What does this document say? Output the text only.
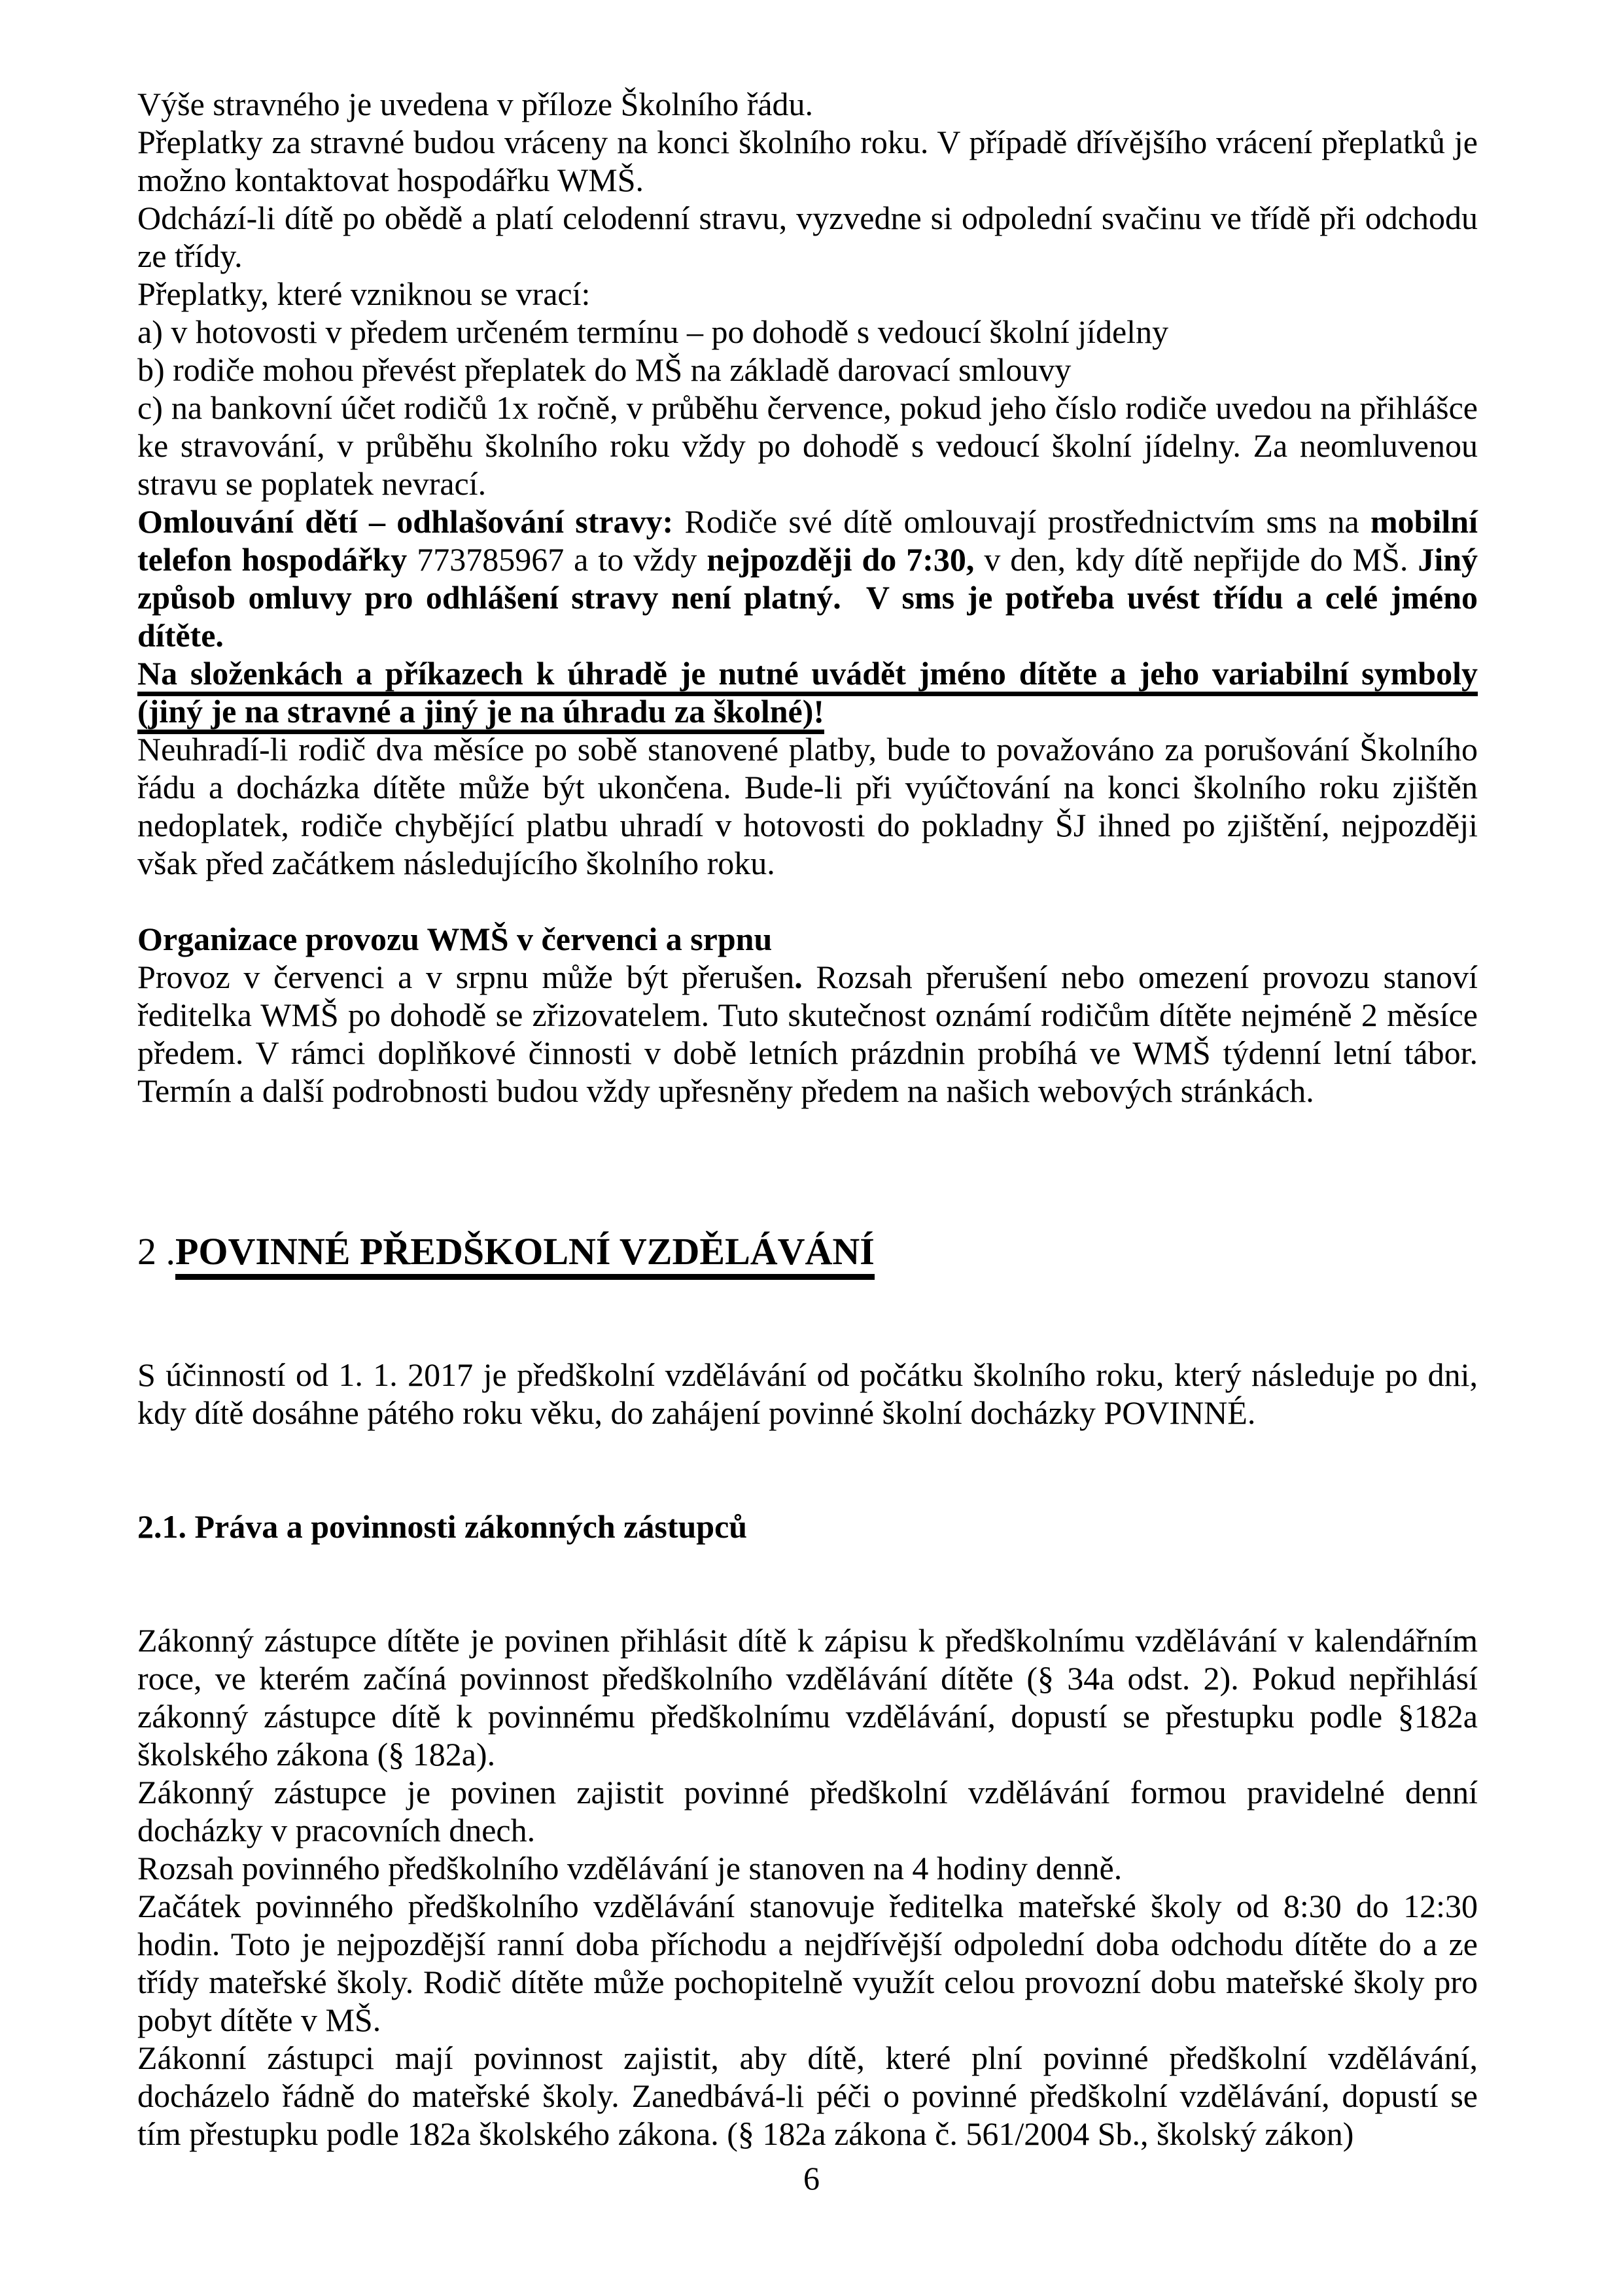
Výše stravného je uvedena v příloze Školního řádu.
Přeplatky za stravné budou vráceny na konci školního roku. V případě dřívějšího vrácení přeplatků je možno kontaktovat hospodářku WMŠ.
Odchází-li dítě po obědě a platí celodenní stravu, vyzvedne si odpolední svačinu ve třídě při odchodu ze třídy.
Přeplatky, které vzniknou se vrací:
a) v hotovosti v předem určeném termínu – po dohodě s vedoucí školní jídelny
b) rodiče mohou převést přeplatek do MŠ na základě darovací smlouvy
c) na bankovní účet rodičů 1x ročně, v průběhu července, pokud jeho číslo rodiče uvedou na přihlášce ke stravování, v průběhu školního roku vždy po dohodě s vedoucí školní jídelny. Za neomluvenou stravu se poplatek nevrací.
Omlouvání dětí – odhlašování stravy: Rodiče své dítě omlouvají prostřednictvím sms na mobilní telefon hospodářky 773785967 a to vždy nejpozději do 7:30, v den, kdy dítě nepřijde do MŠ. Jiný způsob omluvy pro odhlášení stravy není platný.  V sms je potřeba uvést třídu a celé jméno dítěte.
Na složenkách a příkazech k úhradě je nutné uvádět jméno dítěte a jeho variabilní symboly (jiný je na stravné a jiný je na úhradu za školné)!
Neuhradí-li rodič dva měsíce po sobě stanovené platby, bude to považováno za porušování Školního řádu a docházka dítěte může být ukončena. Bude-li při vyúčtování na konci školního roku zjištěn nedoplatek, rodiče chybějící platbu uhradí v hotovosti do pokladny ŠJ ihned po zjištění, nejpozději však před začátkem následujícího školního roku.
Organizace provozu WMŠ v červenci a srpnu
Provoz v červenci a v srpnu může být přerušen. Rozsah přerušení nebo omezení provozu stanoví ředitelka WMŠ po dohodě se zřizovatelem. Tuto skutečnost oznámí rodičům dítěte nejméně 2 měsíce předem. V rámci doplňkové činnosti v době letních prázdnin probíhá ve WMŠ týdenní letní tábor. Termín a další podrobnosti budou vždy upřesněny předem na našich webových stránkách.
2 .POVINNÉ PŘEDŠKOLNÍ VZDĚLÁVÁNÍ
S účinností od 1. 1. 2017 je předškolní vzdělávání od počátku školního roku, který následuje po dni, kdy dítě dosáhne pátého roku věku, do zahájení povinné školní docházky POVINNÉ.
2.1. Práva a povinnosti zákonných zástupců
Zákonný zástupce dítěte je povinen přihlásit dítě k zápisu k předškolnímu vzdělávání v kalendářním roce, ve kterém začíná povinnost předškolního vzdělávání dítěte (§ 34a odst. 2). Pokud nepřihlásí zákonný zástupce dítě k povinnému předškolnímu vzdělávání, dopustí se přestupku podle §182a školského zákona (§ 182a).
Zákonný zástupce je povinen zajistit povinné předškolní vzdělávání formou pravidelné denní docházky v pracovních dnech.
Rozsah povinného předškolního vzdělávání je stanoven na 4 hodiny denně.
Začátek povinného předškolního vzdělávání stanovuje ředitelka mateřské školy od 8:30 do 12:30 hodin. Toto je nejpozdější ranní doba příchodu a nejdřívější odpolední doba odchodu dítěte do a ze třídy mateřské školy. Rodič dítěte může pochopitelně využít celou provozní dobu mateřské školy pro pobyt dítěte v MŠ.
Zákonní zástupci mají povinnost zajistit, aby dítě, které plní povinné předškolní vzdělávání, docházelo řádně do mateřské školy. Zanedbává-li péči o povinné předškolní vzdělávání, dopustí se tím přestupku podle 182a školského zákona. (§ 182a zákona č. 561/2004 Sb., školský zákon)
6
